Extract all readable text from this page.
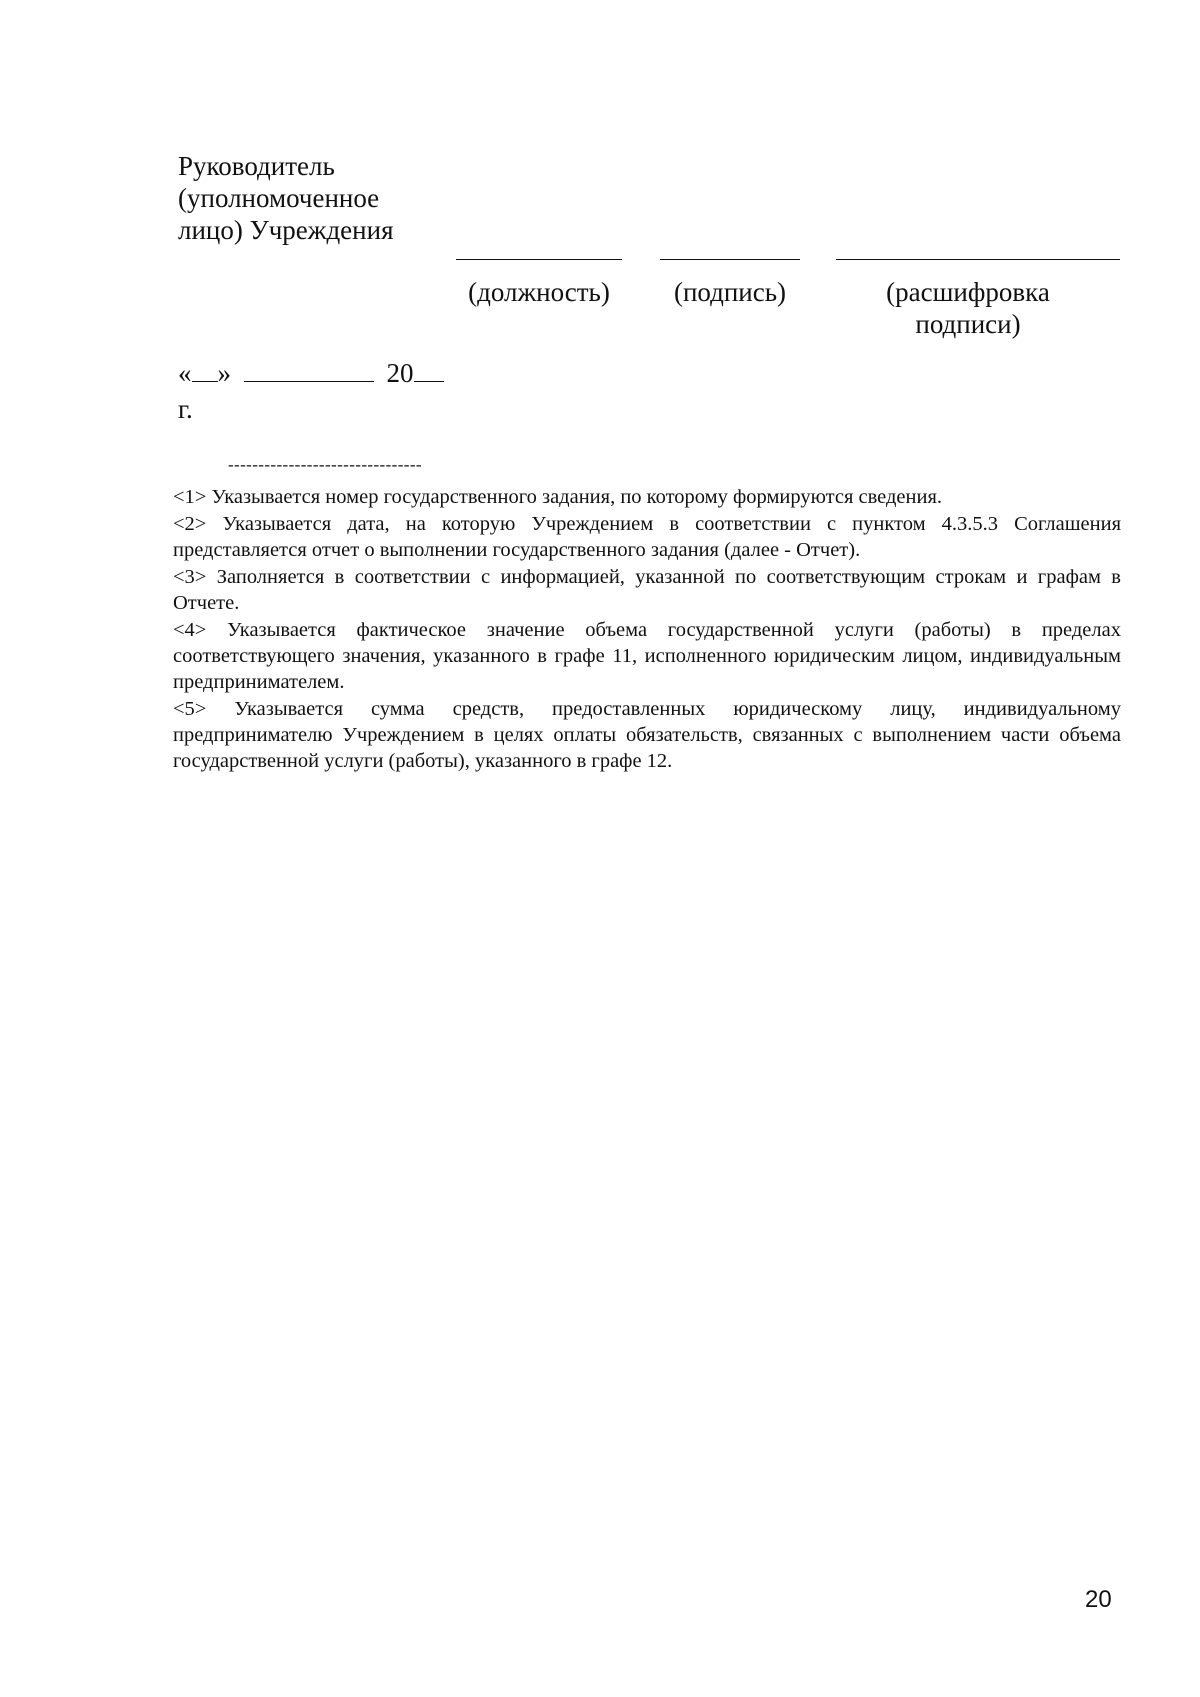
Руководитель (уполномоченное лицо) Учреждения
(должность)	(подпись)	(расшифровка подписи)
« »	20
г.
--------------------------------

<1> Указывается номер государственного задания, по которому формируются сведения.

<2> Указывается дата, на которую Учреждением в соответствии с пунктом 4.3.5.3 Соглашения представляется отчет о выполнении государственного задания (далее - Отчет).

<3> Заполняется в соответствии с информацией, указанной по соответствующим строкам и графам в Отчете.

<4> Указывается фактическое значение объема государственной услуги (работы) в пределах соответствующего значения, указанного в графе 11, исполненного юридическим лицом, индивидуальным предпринимателем.

<5> Указывается сумма средств, предоставленных юридическому лицу, индивидуальному предпринимателю Учреждением в целях оплаты обязательств, связанных с выполнением части объема государственной услуги (работы), указанного в графе 12.

20
